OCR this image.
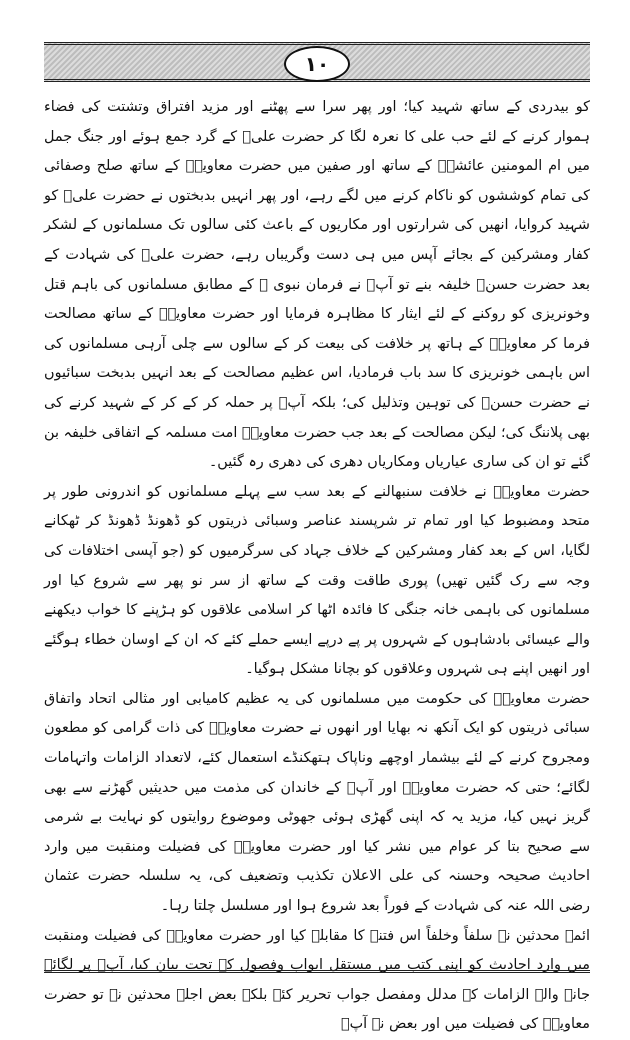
۱۰

کو بیدردی کے ساتھ شہید کیا؛ اور پھر سرا سے پھٹنے اور مزید افتراق وتشتت کی فضاء ہموار کرنے کے لئے حب علی کا نعرہ لگا کر حضرت علیؓ کے گرد جمع ہوئے اور جنگ جمل میں ام المومنین عائشہؓ کے ساتھ اور صفین میں حضرت معاویہؓ کے ساتھ صلح وصفائی کی تمام کوششوں کو ناکام کرنے میں لگے رہے، اور پھر انہیں بدبختوں نے حضرت علیؓ کو شہید کروایا، انھیں کی شرارتوں اور مکاریوں کے باعث کئی سالوں تک مسلمانوں کے لشکر کفار ومشرکین کے بجائے آپس میں ہی دست وگریباں رہے، حضرت علیؓ کی شہادت کے بعد حضرت حسنؓ خلیفہ بنے تو آپؓ نے فرمان نبوی ﷺ کے مطابق مسلمانوں کی باہم قتل وخونریزی کو روکنے کے لئے ایثار کا مظاہرہ فرمایا اور حضرت معاویہؓ کے ساتھ مصالحت فرما کر معاویہؓ کے ہاتھ پر خلافت کی بیعت کر کے سالوں سے چلی آرہی مسلمانوں کی اس باہمی خونریزی کا سد باب فرمادیا، اس عظیم مصالحت کے بعد انہیں بدبخت سبائیوں نے حضرت حسنؓ کی توہین وتذلیل کی؛ بلکہ آپؓ پر حملہ کر کے کر کے شہید کرنے کی بھی پلاننگ کی؛ لیکن مصالحت کے بعد جب حضرت معاویہؓ امت مسلمہ کے اتفاقی خلیفہ بن گئے تو ان کی ساری عیاریاں ومکاریاں دھری کی دھری رہ گئیں۔

حضرت معاویہؓ نے خلافت سنبھالنے کے بعد سب سے پہلے مسلمانوں کو اندرونی طور پر متحد ومضبوط کیا اور تمام تر شرپسند عناصر وسبائی ذریتوں کو ڈھونڈ ڈھونڈ کر ٹھکانے لگایا، اس کے بعد کفار ومشرکین کے خلاف جہاد کی سرگرمیوں کو (جو آپسی اختلافات کی وجہ سے رک گئیں تھیں) پوری طاقت وقت کے ساتھ از سر نو پھر سے شروع کیا اور مسلمانوں کی باہمی خانہ جنگی کا فائدہ اٹھا کر اسلامی علاقوں کو ہڑپنے کا خواب دیکھنے والے عیسائی بادشاہوں کے شہروں پر پے درپے ایسے حملے کئے کہ ان کے اوسان خطاء ہوگئے اور انھیں اپنے ہی شہروں وعلاقوں کو بچانا مشکل ہوگیا۔

حضرت معاویہؓ کی حکومت میں مسلمانوں کی یہ عظیم کامیابی اور مثالی اتحاد واتفاق سبائی ذریتوں کو ایک آنکھ نہ بھایا اور انھوں نے حضرت معاویہؓ کی ذات گرامی کو مطعون ومجروح کرنے کے لئے بیشمار اوچھے وناپاک ہتھکنڈے استعمال کئے، لاتعداد الزامات واتہامات لگائے؛ حتی کہ حضرت معاویہؓ اور آپؓ کے خاندان کی مذمت میں حدیثیں گھڑنے سے بھی گریز نہیں کیا، مزید یہ کہ اپنی گھڑی ہوئی جھوٹی وموضوع روایتوں کو نہایت بے شرمی سے صحیح بتا کر عوام میں نشر کیا اور حضرت معاویہؓ کی فضیلت ومنقبت میں وارد احادیث صحیحہ وحسنہ کی علی الاعلان تکذیب وتضعیف کی، یہ سلسلہ حضرت عثمان رضی اللہ عنہ کی شہادت کے فوراً بعد شروع ہوا اور مسلسل چلتا رہا۔

ائمہ محدثین نے سلفاً وخلفاً اس فتنے کا مقابلہ کیا اور حضرت معاویہؓ کی فضیلت ومنقبت میں وارد احادیث کو اپنی کتب میں مستقل ابواب وفصول کے تحت بیان کیا، آپؓ پر لگائے جانے والے الزامات کے مدلل ومفصل جواب تحریر کئے بلکہ بعض اجلہ محدثین نے تو حضرت معاویہؓ کی فضیلت میں اور بعض نے آپؓ
